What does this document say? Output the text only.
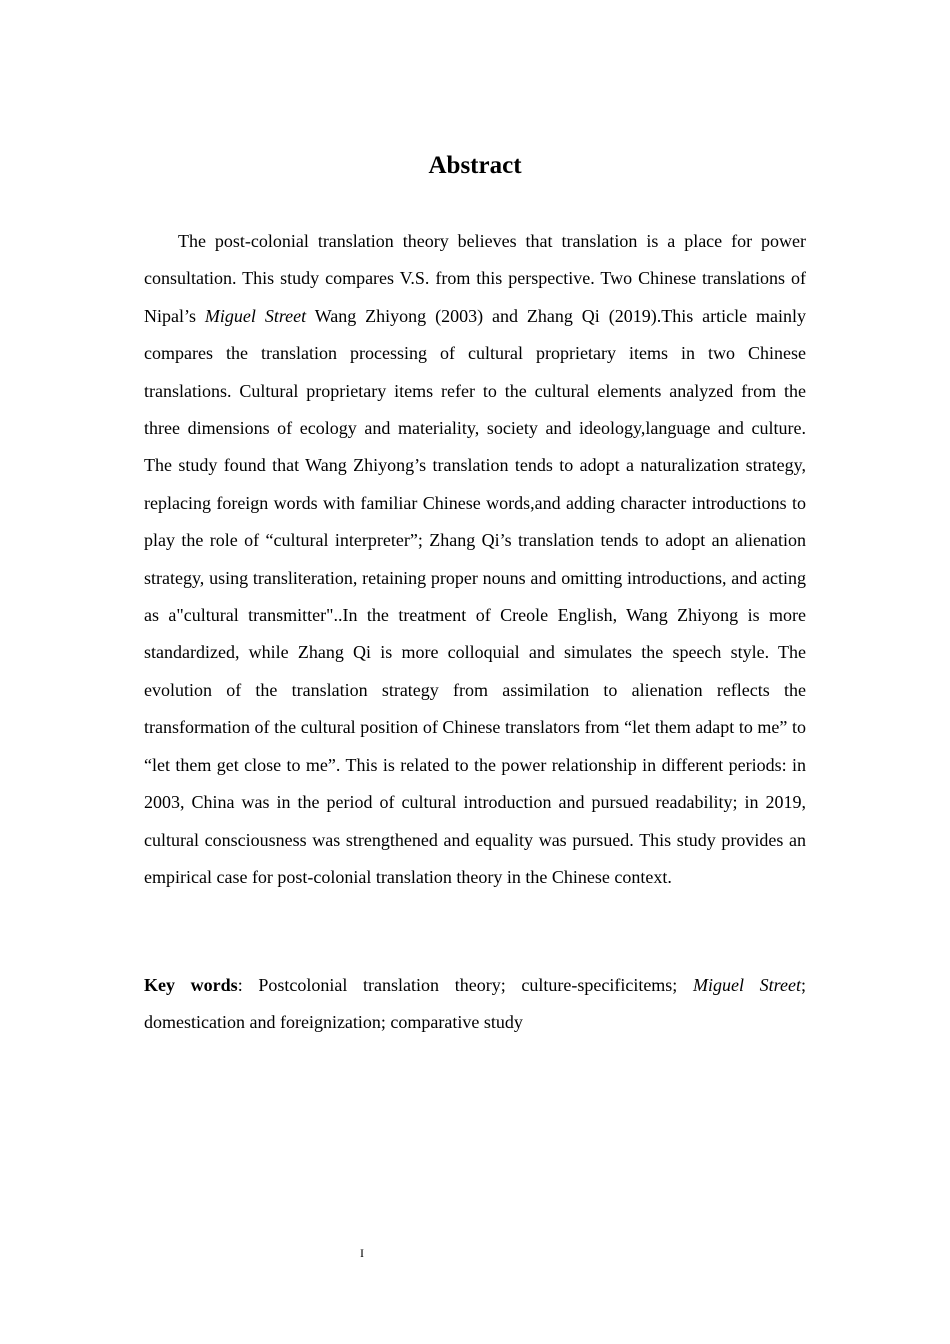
Abstract

The post-colonial translation theory believes that translation is a place for power consultation. This study compares V.S. from this perspective. Two Chinese translations of Nipal’s Miguel Street Wang Zhiyong (2003) and Zhang Qi (2019).This article mainly compares the translation processing of cultural proprietary items in two Chinese translations. Cultural proprietary items refer to the cultural elements analyzed from the three dimensions of ecology and materiality, society and ideology,language and culture. The study found that Wang Zhiyong’s translation tends to adopt a naturalization strategy, replacing foreign words with familiar Chinese words,and adding character introductions to play the role of “cultural interpreter”; Zhang Qi’s translation tends to adopt an alienation strategy, using transliteration, retaining proper nouns and omitting introductions, and acting as a"cultural transmitter"..In the treatment of Creole English, Wang Zhiyong is more standardized, while Zhang Qi is more colloquial and simulates the speech style. The evolution of the translation strategy from assimilation to alienation reflects the transformation of the cultural position of Chinese translators from “let them adapt to me” to “let them get close to me”. This is related to the power relationship in different periods: in 2003, China was in the period of cultural introduction and pursued readability; in 2019, cultural consciousness was strengthened and equality was pursued. This study provides an empirical case for post-colonial translation theory in the Chinese context.

Key words: Postcolonial translation theory; culture-specificitems; Miguel Street; domestication and foreignization; comparative study

I
